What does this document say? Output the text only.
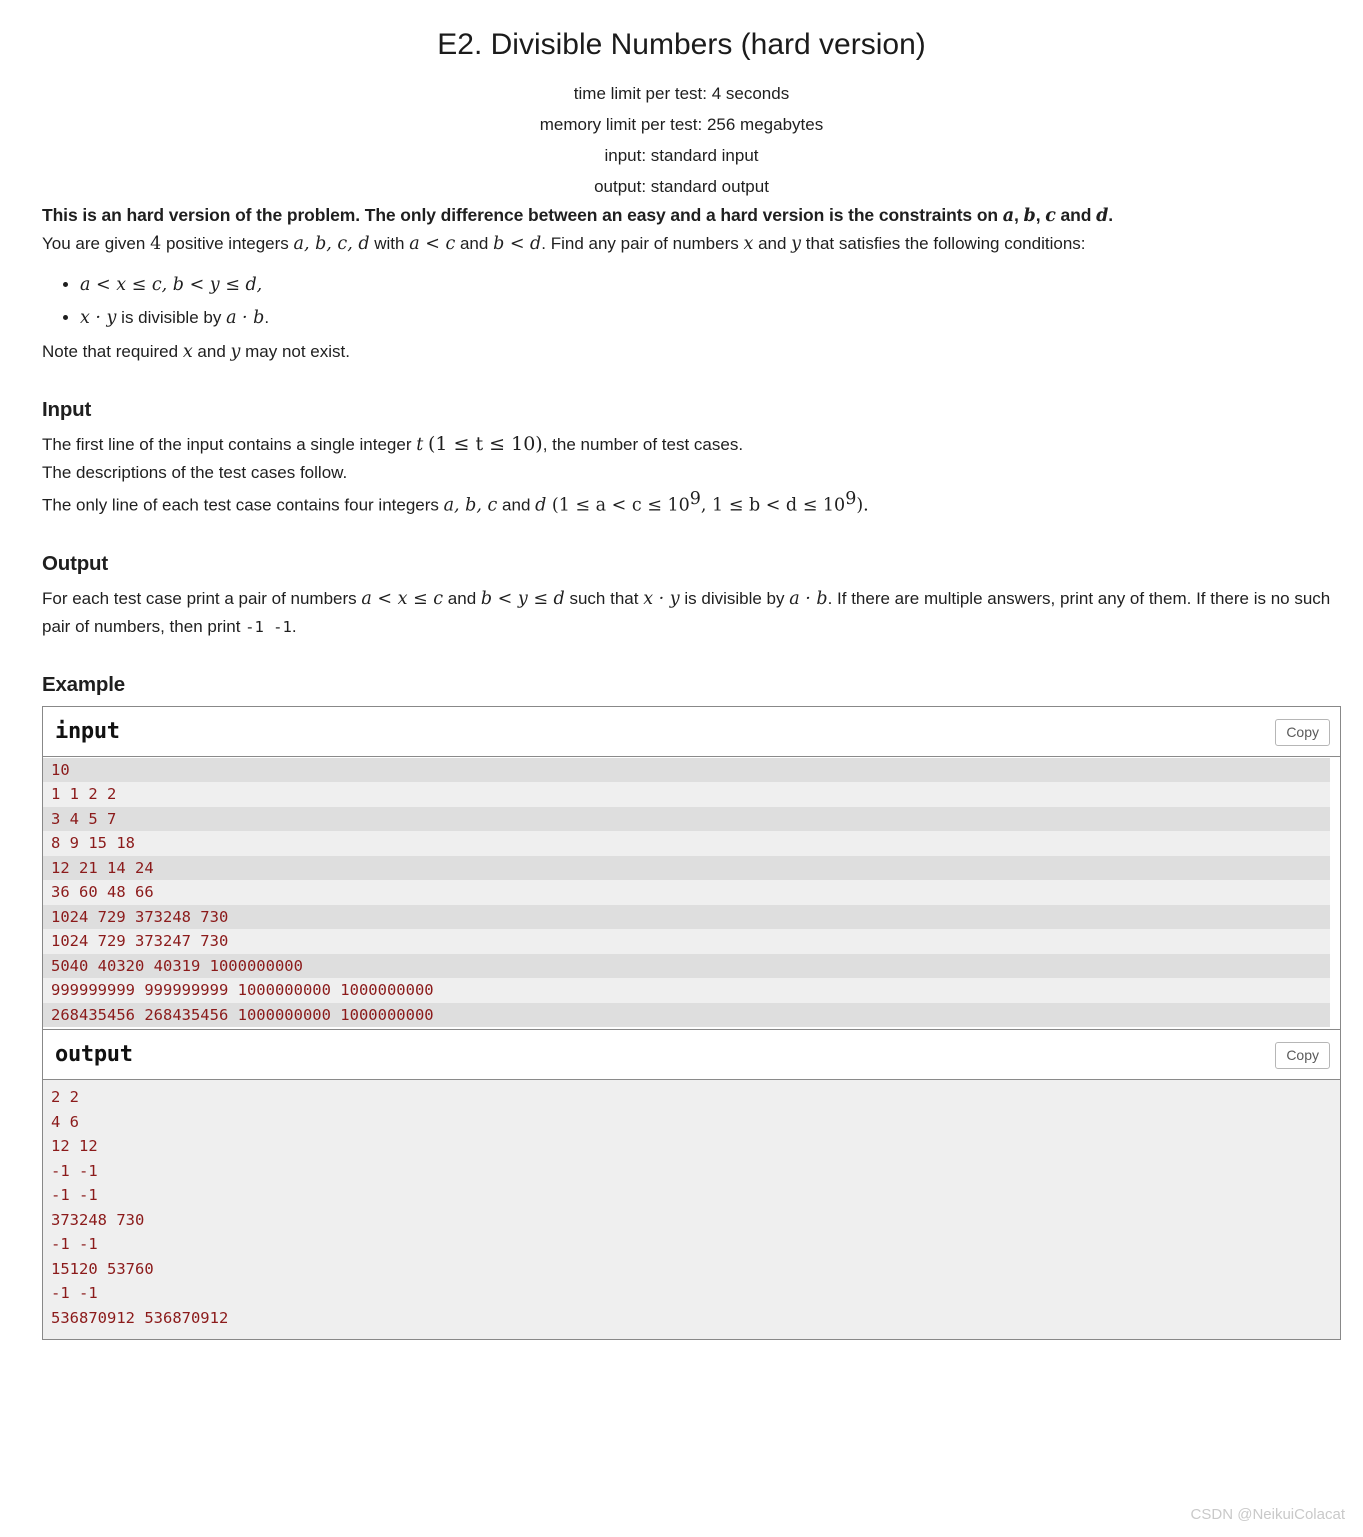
E2. Divisible Numbers (hard version)
time limit per test: 4 seconds
memory limit per test: 256 megabytes
input: standard input
output: standard output

This is an hard version of the problem. The only difference between an easy and a hard version is the constraints on a, b, c and d.

You are given 4 positive integers a, b, c, d with a < c and b < d. Find any pair of numbers x and y that satisfies the following conditions:

• a < x ≤ c, b < y ≤ d,
• x · y is divisible by a · b.

Note that required x and y may not exist.

Input

The first line of the input contains a single integer t (1 ≤ t ≤ 10), the number of test cases.

The descriptions of the test cases follow.

The only line of each test case contains four integers a, b, c and d ($1 \le a < c \le 10^9$, $1 \le b < d \le 10^9$).

Output

For each test case print a pair of numbers a < x ≤ c and b < y ≤ d such that x · y is divisible by a · b. If there are multiple answers, print any of them. If there is no such pair of numbers, then print -1 -1.

Example
input	Copy
10
1 1 2 2
3 4 5 7
8 9 15 18
12 21 14 24
36 60 48 66
1024 729 373248 730
1024 729 373247 730
5040 40320 40319 1000000000
999999999 999999999 1000000000 1000000000
268435456 268435456 1000000000 1000000000
output	Copy
2 2
4 6
12 12
-1 -1
-1 -1
373248 730
-1 -1
15120 53760
-1 -1
536870912 536870912
CSDN @NeikuiColacat
